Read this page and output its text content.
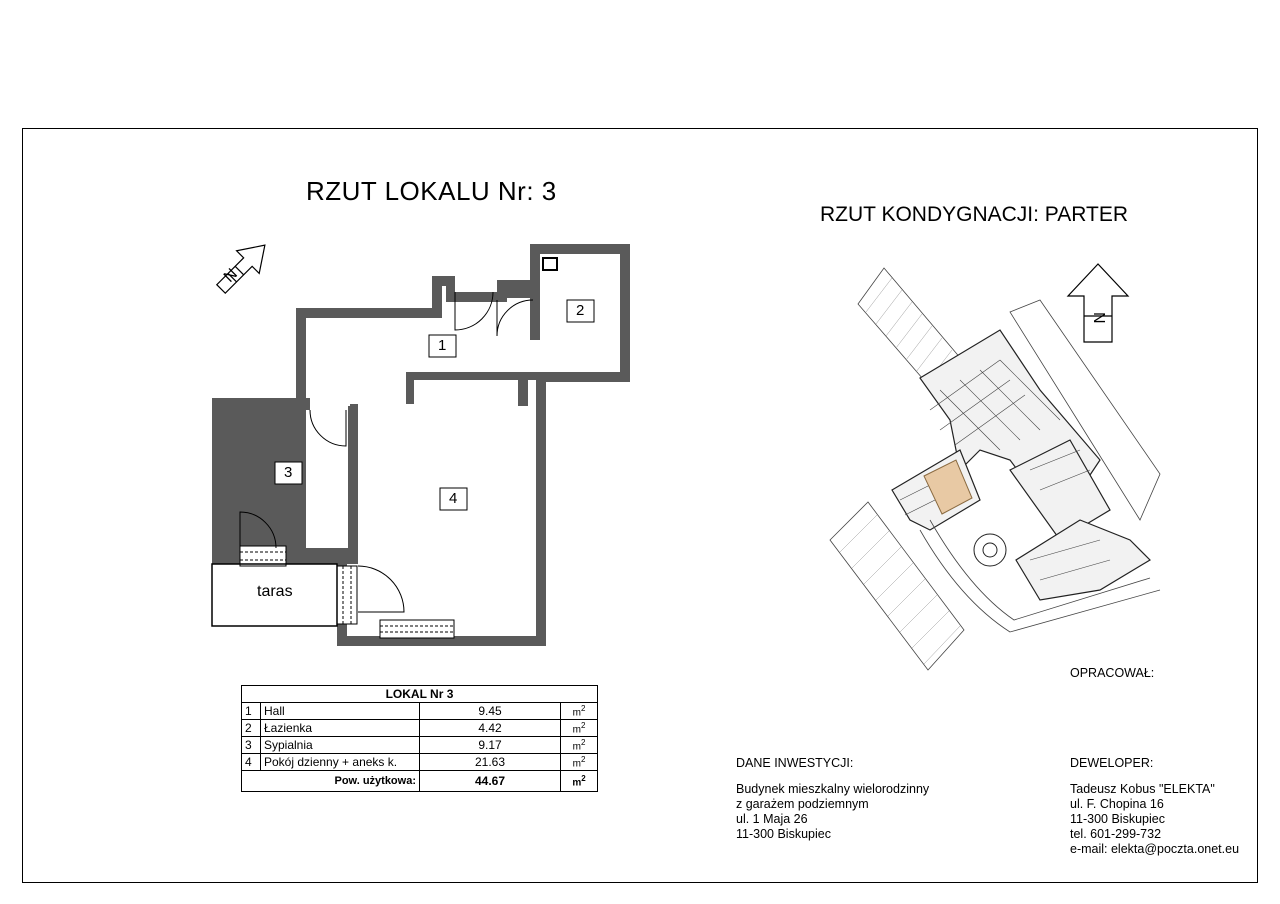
N
N
RZUT LOKALU Nr: 3
RZUT KONDYGNACJI: PARTER
1
2
3
4
taras
OPRACOWAŁ:
LOKAL Nr 3			
1	Hall	9.45	$m^2$
2	Łazienka	4.42	$m^2$
3	Sypialnia	9.17	$m^2$
4	Pokój dzienny + aneks k.	21.63	$m^2$
Pow. użytkowa:		44.67	$m^2$
DANE INWESTYCJI:
Budynek mieszkalny wielorodzinny
z garażem podziemnym
ul. 1 Maja 26
11-300 Biskupiec
DEWELOPER:
Tadeusz Kobus "ELEKTA"
ul. F. Chopina 16
11-300 Biskupiec
tel. 601-299-732
e-mail: elekta@poczta.onet.eu
